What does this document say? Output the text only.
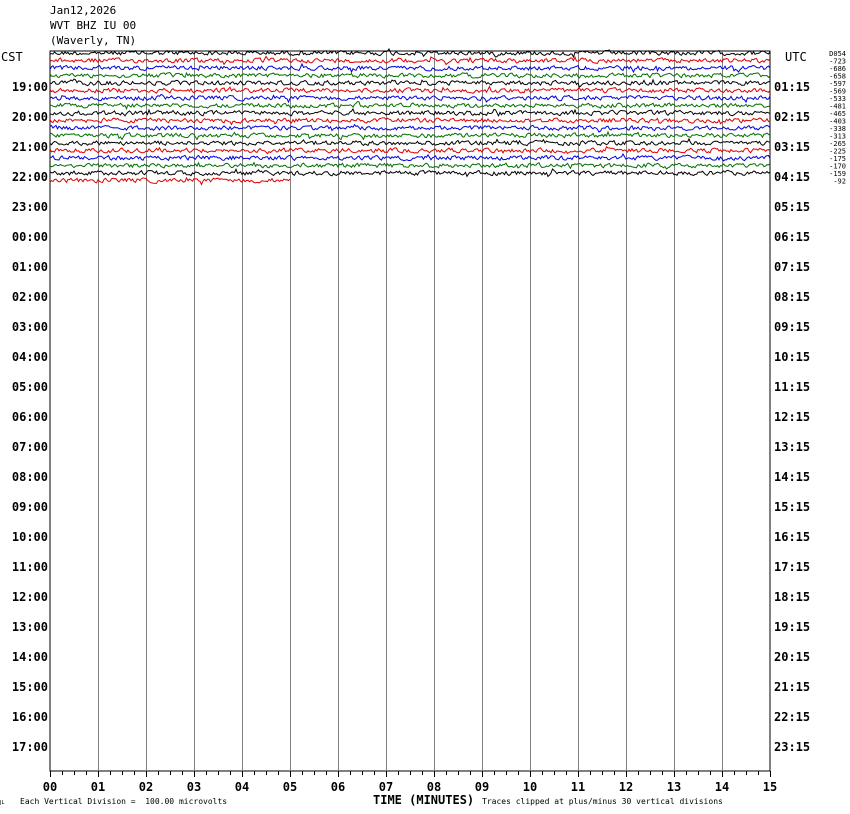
Jan12,2026
WVT BHZ IU 00
(Waverly, TN)
CST	UTC
00	01	02	03	04	05	06	07	08	09	10	11	12	13	14	15
19:00
20:00
21:00
22:00
23:00
00:00
01:00
02:00
03:00
04:00
05:00
06:00
07:00
08:00
09:00
10:00
11:00
12:00
13:00
14:00
15:00
16:00
17:00
01:15
02:15
03:15
04:15
05:15
06:15
07:15
08:15
09:15
10:15
11:15
12:15
13:15
14:15
15:15
16:15
17:15
18:15
19:15
20:15
21:15
22:15
23:15
D054
-723
-686
-658
-597
-569
-533
-481
-465
-403
-338
-313
-265
-225
-175
-170
-159
-92
JL Each Vertical Division =  100.00 microvolts	TIME (MINUTES) Traces clipped at plus/minus 30 vertical divisions
